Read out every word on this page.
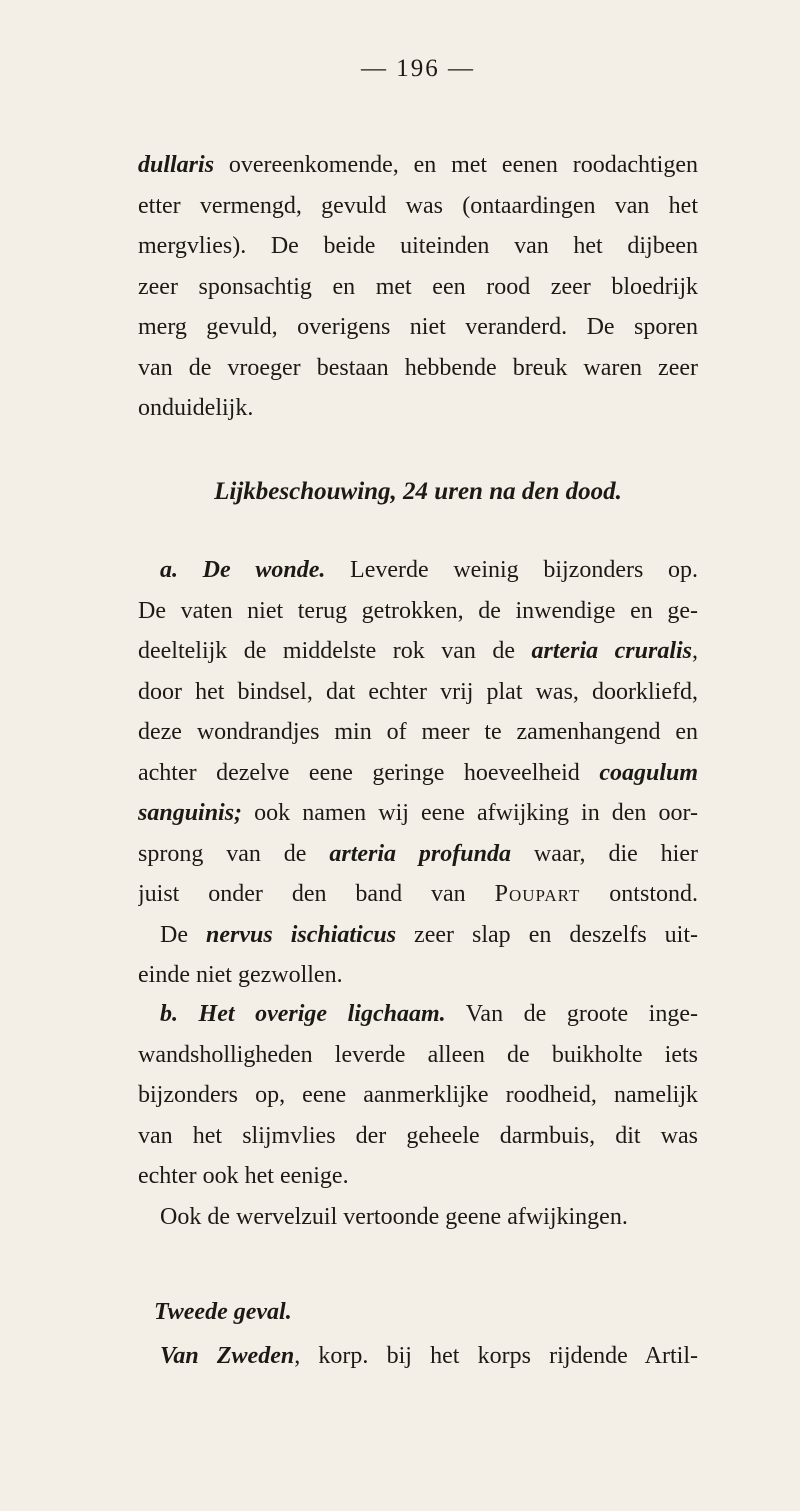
— 196 —
dullaris overeenkomende, en met eenen roodachtigen
etter vermengd, gevuld was (ontaardingen van het
mergvlies). De beide uiteinden van het dijbeen
zeer sponsachtig en met een rood zeer bloedrijk
merg gevuld, overigens niet veranderd. De sporen
van de vroeger bestaan hebbende breuk waren zeer
onduidelijk.
Lijkbeschouwing, 24 uren na den dood.
a. De wonde. Leverde weinig bijzonders op.
De vaten niet terug getrokken, de inwendige en ge-
deeltelijk de middelste rok van de arteria cruralis,
door het bindsel, dat echter vrij plat was, doorkliefd,
deze wondrandjes min of meer te zamenhangend en
achter dezelve eene geringe hoeveelheid coagulum
sanguinis; ook namen wij eene afwijking in den oor-
sprong van de arteria profunda waar, die hier
juist onder den band van Poupart ontstond.
De nervus ischiaticus zeer slap en deszelfs uit-
einde niet gezwollen.
b. Het overige ligchaam. Van de groote inge-
wandsholligheden leverde alleen de buikholte iets
bijzonders op, eene aanmerklijke roodheid, namelijk
van het slijmvlies der geheele darmbuis, dit was
echter ook het eenige.
Ook de wervelzuil vertoonde geene afwijkingen.
Tweede geval.
Van Zweden, korp. bij het korps rijdende Artil-
